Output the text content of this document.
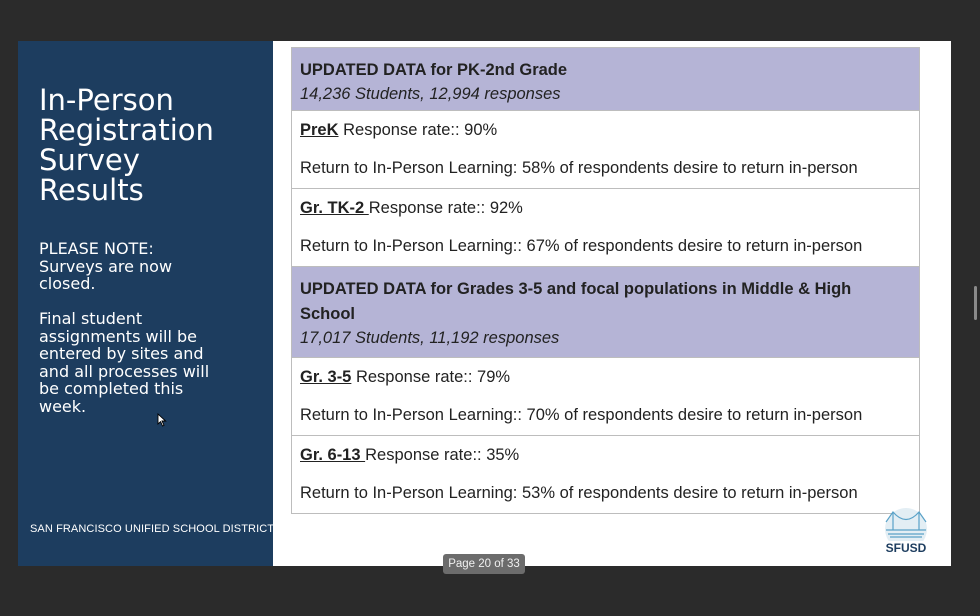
In-Person
Registration
Survey
Results
PLEASE NOTE:
Surveys are now
closed.
Final student
assignments will be
entered by sites and
and all processes will
be completed this
week.
SAN FRANCISCO UNIFIED SCHOOL DISTRICT
UPDATED DATA for PK-2nd Grade
14,236 Students, 12,994 responses
PreK Response rate:: 90%
Return to In-Person Learning: 58% of respondents desire to return in-person
Gr. TK-2 Response rate:: 92%
Return to In-Person Learning:: 67% of respondents desire to return in-person
UPDATED DATA for Grades 3-5 and focal populations in Middle & High
School
17,017 Students, 11,192 responses
Gr. 3-5 Response rate:: 79%
Return to In-Person Learning:: 70% of respondents desire to return in-person
Gr. 6-13 Response rate:: 35%
Return to In-Person Learning: 53% of respondents desire to return in-person
SFUSD
Page 20 of 33
